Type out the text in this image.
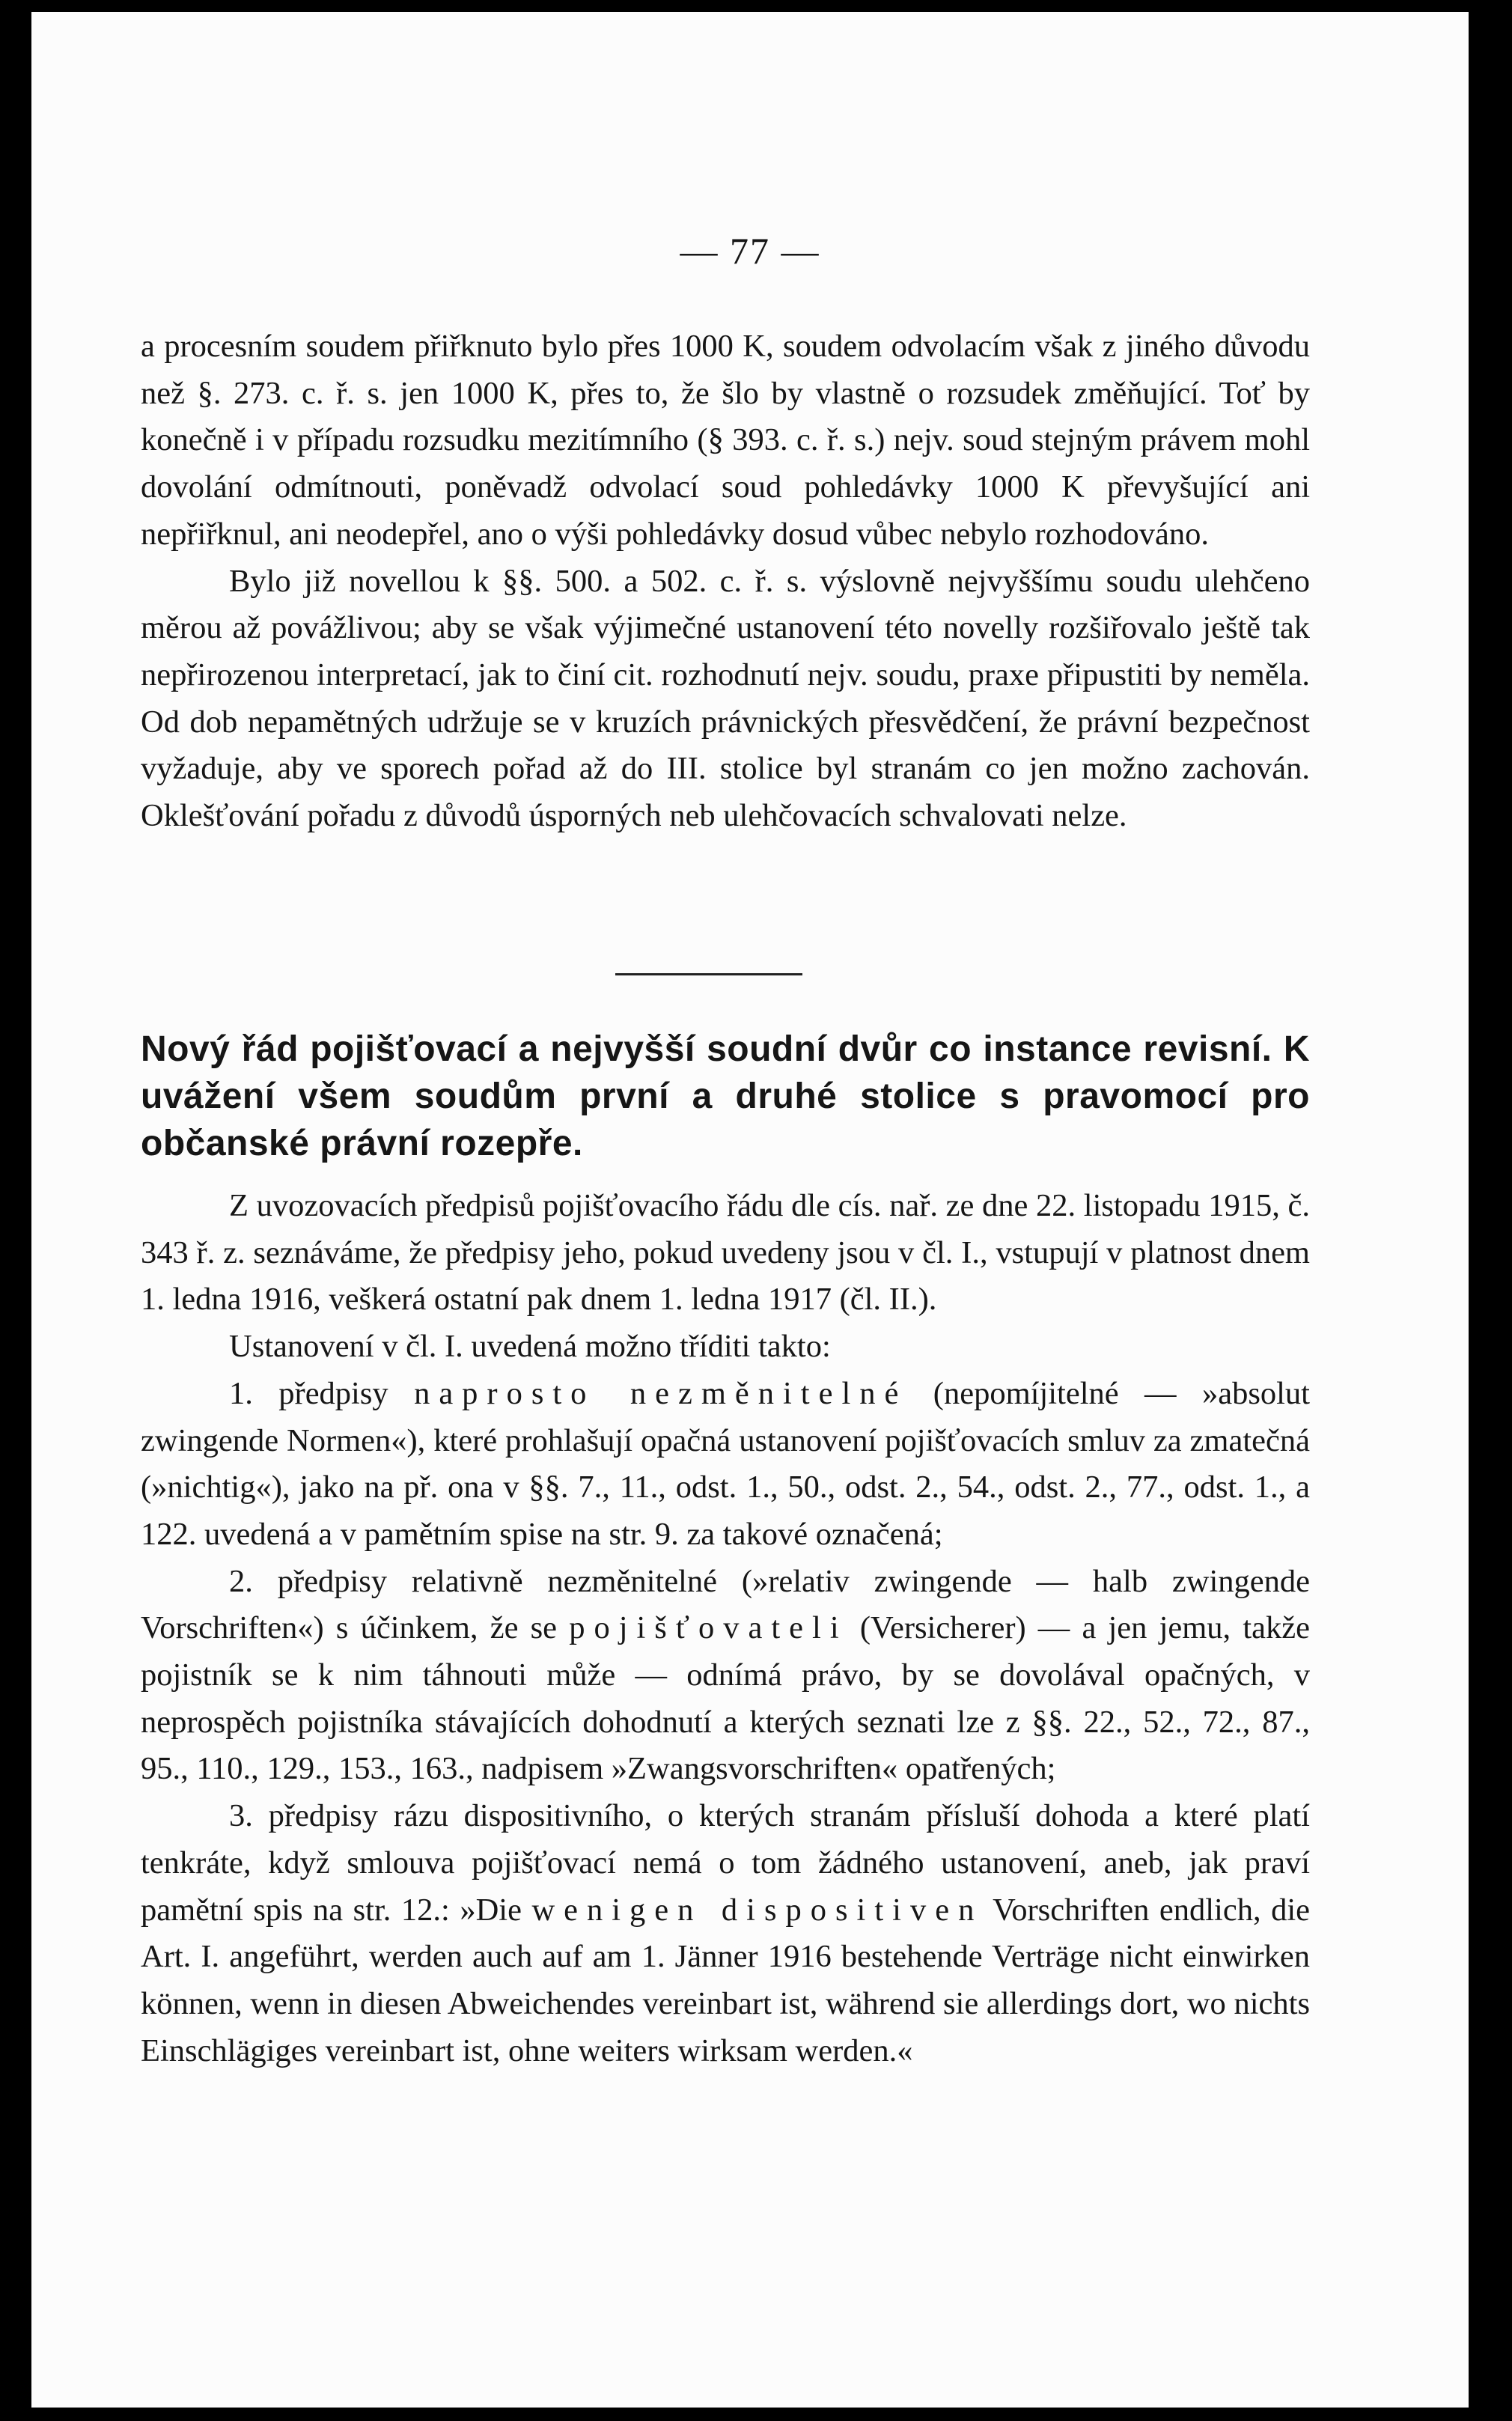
— 77 —

a procesním soudem přiřknuto bylo přes 1000 K, soudem odvolacím však z jiného důvodu než §. 273. c. ř. s. jen 1000 K, přes to, že šlo by vlastně o rozsudek změňující. Toť by konečně i v případu rozsudku mezitímního (§ 393. c. ř. s.) nejv. soud stejným právem mohl dovolání odmítnouti, poněvadž odvolací soud pohledávky 1000 K převyšující ani nepřiřknul, ani neodepřel, ano o výši pohledávky dosud vůbec nebylo rozhodováno.

Bylo již novellou k §§. 500. a 502. c. ř. s. výslovně nejvyššímu soudu ulehčeno měrou až povážlivou; aby se však výjimečné ustanovení této novelly rozšiřovalo ještě tak nepřirozenou interpretací, jak to činí cit. rozhodnutí nejv. soudu, praxe připustiti by neměla. Od dob nepamětných udržuje se v kruzích právnických přesvědčení, že právní bezpečnost vyžaduje, aby ve sporech pořad až do III. stolice byl stranám co jen možno zachován. Oklešťování pořadu z důvodů úsporných neb ulehčovacích schvalovati nelze.

Nový řád pojišťovací a nejvyšší soudní dvůr co instance revisní. K uvážení všem soudům první a druhé stolice s pravomocí pro občanské právní rozepře.

Z uvozovacích předpisů pojišťovacího řádu dle cís. nař. ze dne 22. listopadu 1915, č. 343 ř. z. seznáváme, že předpisy jeho, pokud uvedeny jsou v čl. I., vstupují v platnost dnem 1. ledna 1916, veškerá ostatní pak dnem 1. ledna 1917 (čl. II.).

Ustanovení v čl. I. uvedená možno tříditi takto:

1. předpisy naprosto nezměnitelné (nepomíjitelné — »absolut zwingende Normen«), které prohlašují opačná ustanovení pojišťovacích smluv za zmatečná (»nichtig«), jako na př. ona v §§. 7., 11., odst. 1., 50., odst. 2., 54., odst. 2., 77., odst. 1., a 122. uvedená a v pamětním spise na str. 9. za takové označená;

2. předpisy relativně nezměnitelné (»relativ zwingende — halb zwingende Vorschriften«) s účinkem, že se pojišťovateli (Versicherer) — a jen jemu, takže pojistník se k nim táhnouti může — odnímá právo, by se dovolával opačných, v neprospěch pojistníka stávajících dohodnutí a kterých seznati lze z §§. 22., 52., 72., 87., 95., 110., 129., 153., 163., nadpisem »Zwangsvorschriften« opatřených;

3. předpisy rázu dispositivního, o kterých stranám přísluší dohoda a které platí tenkráte, když smlouva pojišťovací nemá o tom žádného ustanovení, aneb, jak praví pamětní spis na str. 12.: »Die wenigen dispositiven Vorschriften endlich, die Art. I. angeführt, werden auch auf am 1. Jänner 1916 bestehende Verträge nicht einwirken können, wenn in diesen Abweichendes vereinbart ist, während sie allerdings dort, wo nichts Einschlägiges vereinbart ist, ohne weiters wirksam werden.«
